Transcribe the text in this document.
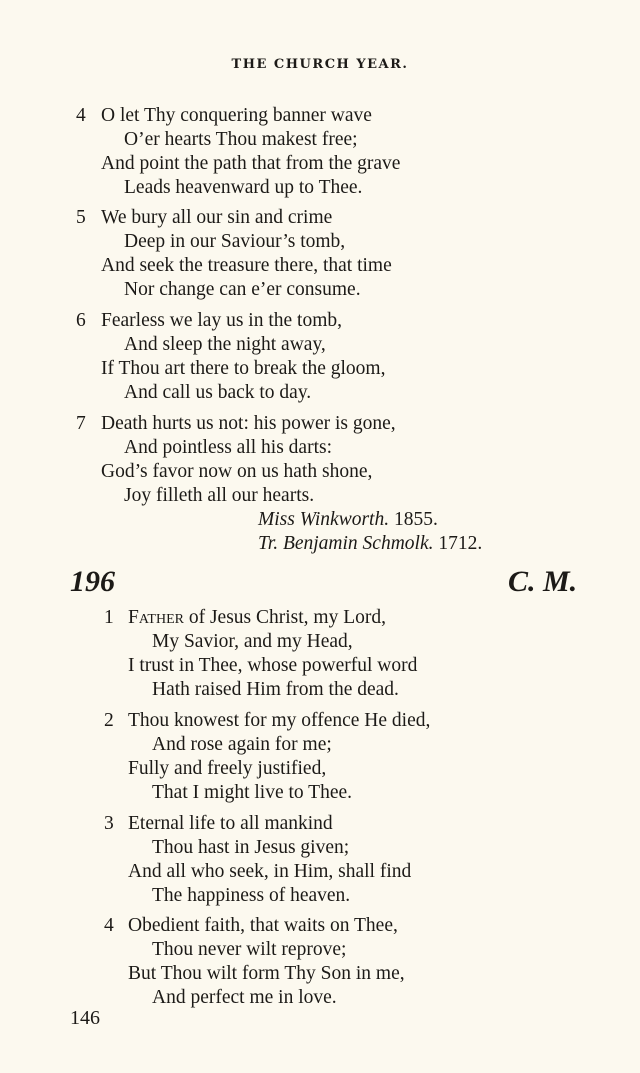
THE CHURCH YEAR.
4 O let Thy conquering banner wave
O’er hearts Thou makest free;
And point the path that from the grave
Leads heavenward up to Thee.
5 We bury all our sin and crime
Deep in our Saviour’s tomb,
And seek the treasure there, that time
Nor change can e’er consume.
6 Fearless we lay us in the tomb,
And sleep the night away,
If Thou art there to break the gloom,
And call us back to day.
7 Death hurts us not: his power is gone,
And pointless all his darts:
God’s favor now on us hath shone,
Joy filleth all our hearts.
Miss Winkworth. 1855.
Tr. Benjamin Schmolk. 1712.
196	C. M.
1 Father of Jesus Christ, my Lord,
My Savior, and my Head,
I trust in Thee, whose powerful word
Hath raised Him from the dead.
2 Thou knowest for my offence He died,
And rose again for me;
Fully and freely justified,
That I might live to Thee.
3 Eternal life to all mankind
Thou hast in Jesus given;
And all who seek, in Him, shall find
The happiness of heaven.
4 Obedient faith, that waits on Thee,
Thou never wilt reprove;
But Thou wilt form Thy Son in me,
And perfect me in love.
146
